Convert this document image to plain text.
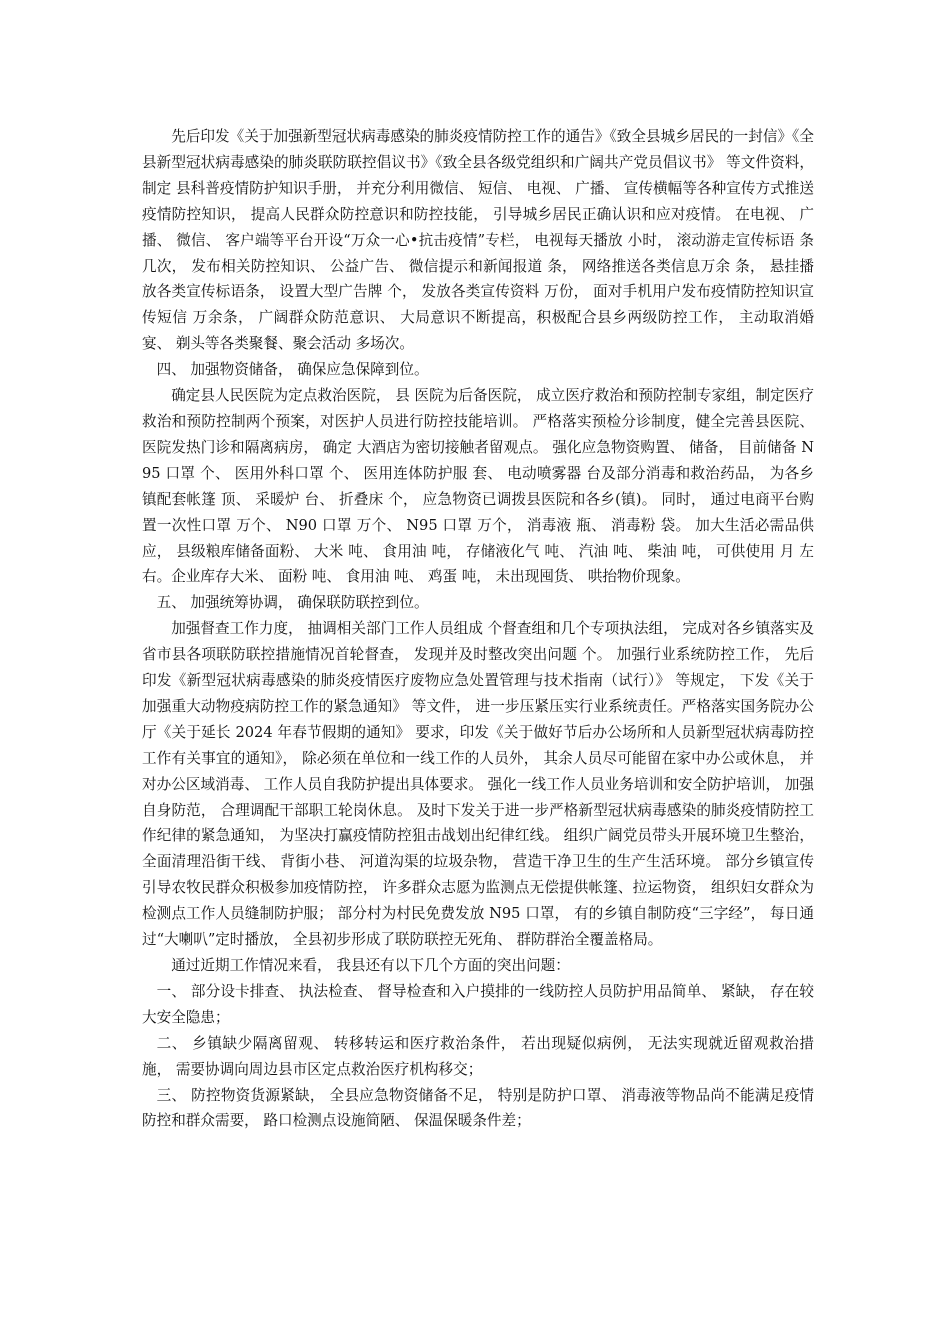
先后印发《关于加强新型冠状病毒感染的肺炎疫情防控工作的通告》《致全县城乡居民的一封信》《全县新型冠状病毒感染的肺炎联防联控倡议书》《致全县各级党组织和广阔共产党员倡议书》 等文件资料， 制定 县科普疫情防护知识手册， 并充分利用微信、 短信、 电视、 广播、 宣传横幅等各种宣传方式推送疫情防控知识， 提高人民群众防控意识和防控技能， 引导城乡居民正确认识和应对疫情。 在电视、 广播、 微信、 客户端等平台开设“万众一心•抗击疫情”专栏， 电视每天播放 小时， 滚动游走宣传标语 条几次， 发布相关防控知识、 公益广告、 微信提示和新闻报道 条， 网络推送各类信息万余 条， 悬挂播放各类宣传标语条， 设置大型广告牌 个， 发放各类宣传资料 万份， 面对手机用户发布疫情防控知识宣传短信 万余条， 广阔群众防范意识、 大局意识不断提高，积极配合县乡两级防控工作， 主动取消婚宴、 剃头等各类聚餐、聚会活动 多场次。

四、 加强物资储备， 确保应急保障到位。

确定县人民医院为定点救治医院， 县 医院为后备医院， 成立医疗救治和预防控制专家组，制定医疗救治和预防控制两个预案，对医护人员进行防控技能培训。 严格落实预检分诊制度，健全完善县医院、 医院发热门诊和隔离病房， 确定 大酒店为密切接触者留观点。 强化应急物资购置、 储备， 目前储备 N95 口罩 个、 医用外科口罩 个、 医用连体防护服 套、 电动喷雾器 台及部分消毒和救治药品， 为各乡镇配套帐篷 顶、 采暖炉 台、 折叠床 个， 应急物资已调拨县医院和各乡(镇)。 同时， 通过电商平台购置一次性口罩 万个、 N90 口罩 万个、 N95 口罩 万个， 消毒液 瓶、 消毒粉 袋。 加大生活必需品供应， 县级粮库储备面粉、 大米 吨、 食用油 吨， 存储液化气 吨、 汽油 吨、 柴油 吨， 可供使用 月 左右。企业库存大米、 面粉 吨、 食用油 吨、 鸡蛋 吨， 未出现囤货、 哄抬物价现象。

五、 加强统筹协调， 确保联防联控到位。

加强督查工作力度， 抽调相关部门工作人员组成 个督查组和几个专项执法组， 完成对各乡镇落实及省市县各项联防联控措施情况首轮督查， 发现并及时整改突出问题 个。 加强行业系统防控工作， 先后印发《新型冠状病毒感染的肺炎疫情医疗废物应急处置管理与技术指南（试行）》 等规定， 下发《关于加强重大动物疫病防控工作的紧急通知》 等文件， 进一步压紧压实行业系统责任。严格落实国务院办公厅《关于延长 2024 年春节假期的通知》 要求，印发《关于做好节后办公场所和人员新型冠状病毒防控工作有关事宜的通知》， 除必须在单位和一线工作的人员外， 其余人员尽可能留在家中办公或休息， 并对办公区域消毒、 工作人员自我防护提出具体要求。 强化一线工作人员业务培训和安全防护培训， 加强自身防范， 合理调配干部职工轮岗休息。 及时下发关于进一步严格新型冠状病毒感染的肺炎疫情防控工作纪律的紧急通知， 为坚决打赢疫情防控狙击战划出纪律红线。 组织广阔党员带头开展环境卫生整治，全面清理沿街干线、 背街小巷、 河道沟渠的垃圾杂物， 营造干净卫生的生产生活环境。 部分乡镇宣传引导农牧民群众积极参加疫情防控， 许多群众志愿为监测点无偿提供帐篷、拉运物资， 组织妇女群众为检测点工作人员缝制防护服； 部分村为村民免费发放 N95 口罩， 有的乡镇自制防疫“三字经”， 每日通过“大喇叭”定时播放， 全县初步形成了联防联控无死角、 群防群治全覆盖格局。

通过近期工作情况来看， 我县还有以下几个方面的突出问题：

一、 部分设卡排查、 执法检查、 督导检查和入户摸排的一线防控人员防护用品简单、 紧缺， 存在较大安全隐患；

二、 乡镇缺少隔离留观、 转移转运和医疗救治条件， 若出现疑似病例， 无法实现就近留观救治措施， 需要协调向周边县市区定点救治医疗机构移交；

三、 防控物资货源紧缺， 全县应急物资储备不足， 特别是防护口罩、 消毒液等物品尚不能满足疫情防控和群众需要， 路口检测点设施简陋、 保温保暖条件差；
